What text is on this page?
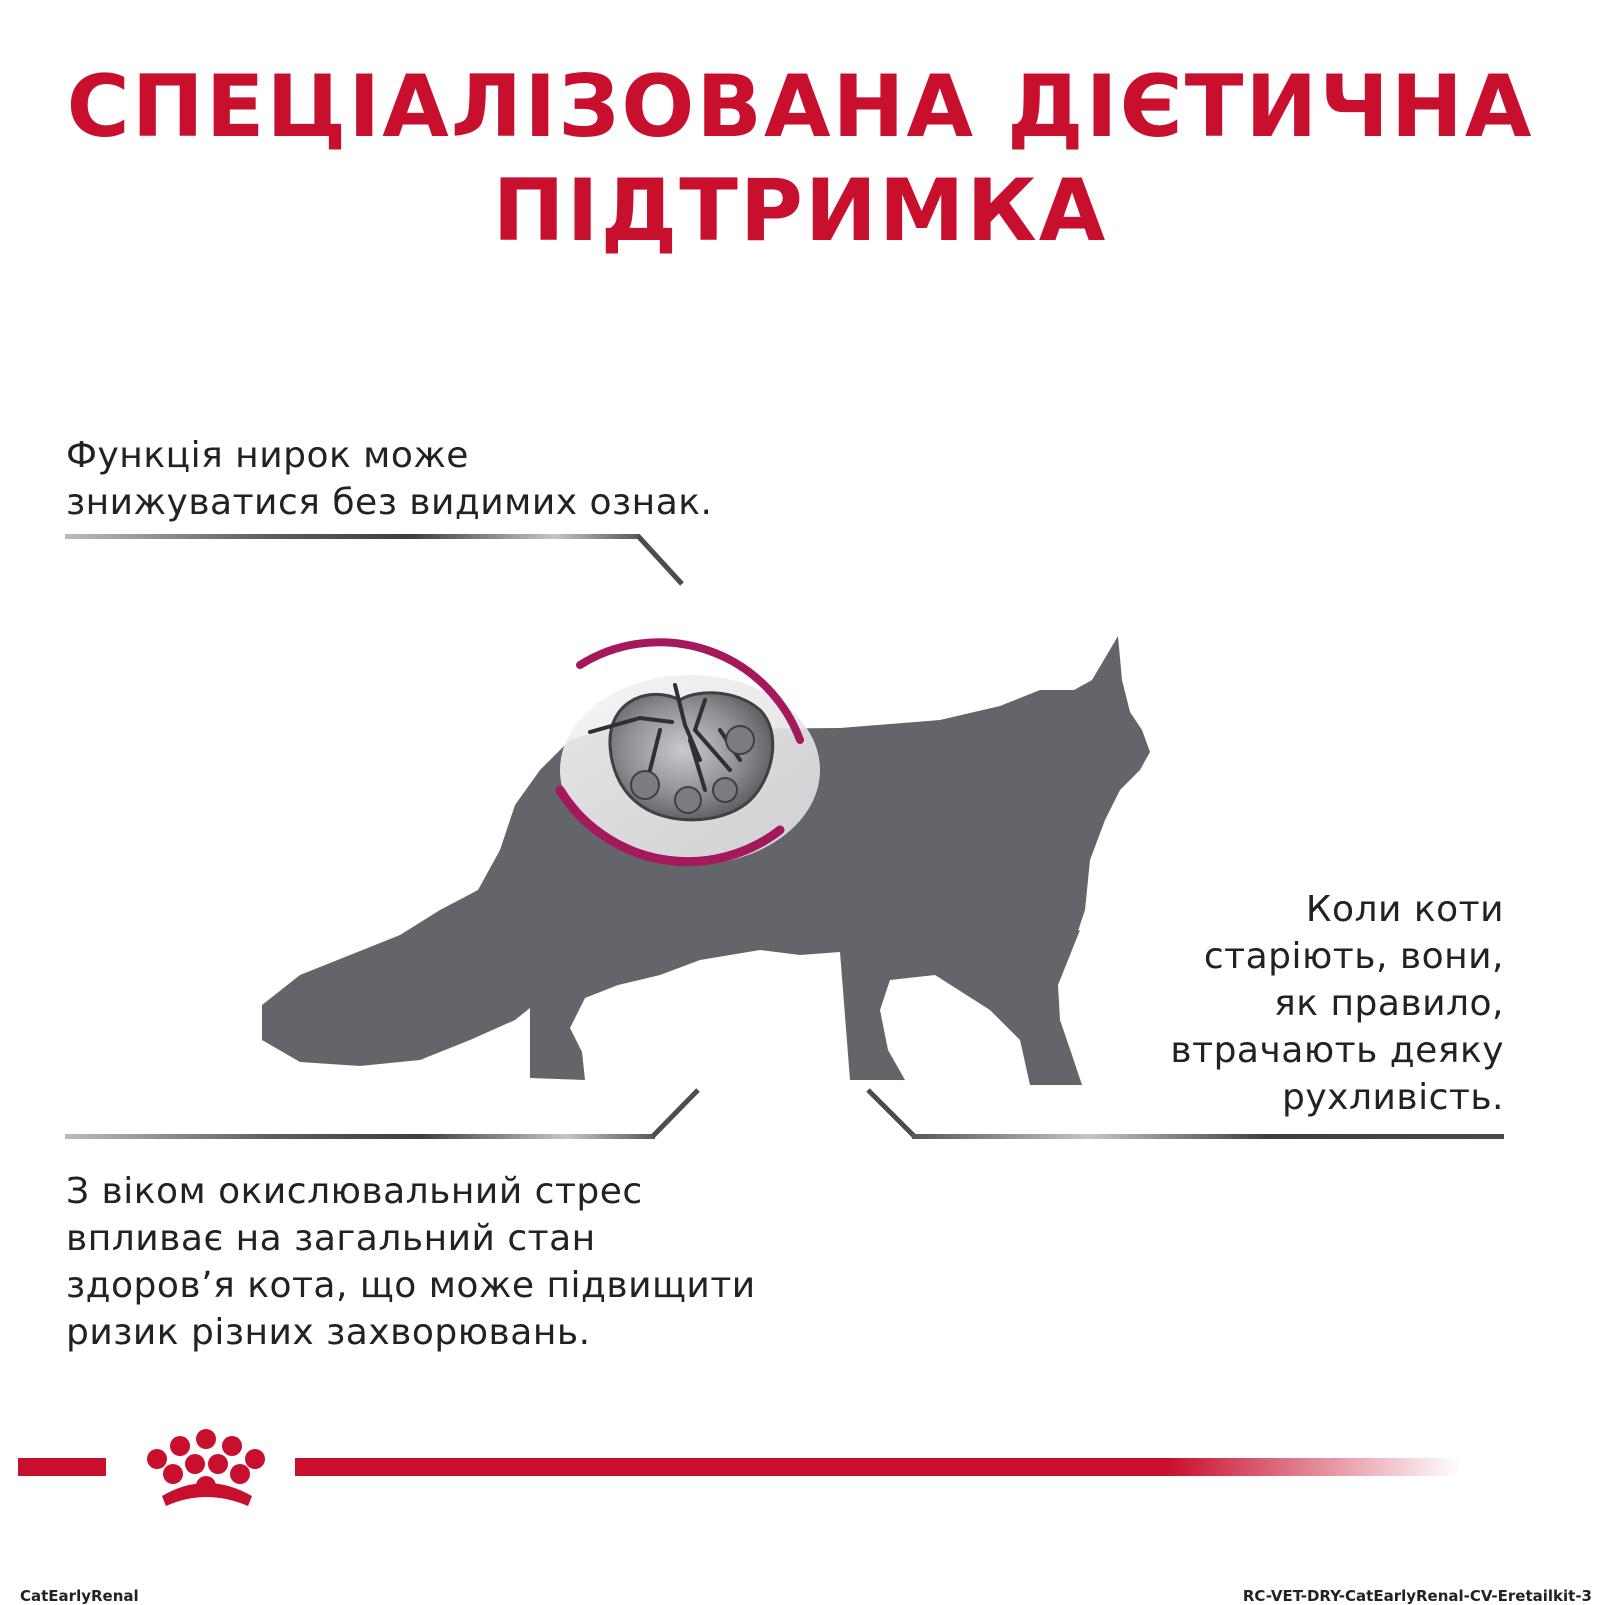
СПЕЦІАЛІЗОВАНА ДІЄТИЧНА
ПІДТРИМКА

Функція нирок може
знижуватися без видимих ознак.

Коли коти
старіють, вони,
як правило,
втрачають деяку
рухливість.

З віком окислювальний стрес
впливає на загальний стан
здоров’я кота, що може підвищити
ризик різних захворювань.

CatEarlyRenal	RC-VET-DRY-CatEarlyRenal-CV-Eretailkit-3
